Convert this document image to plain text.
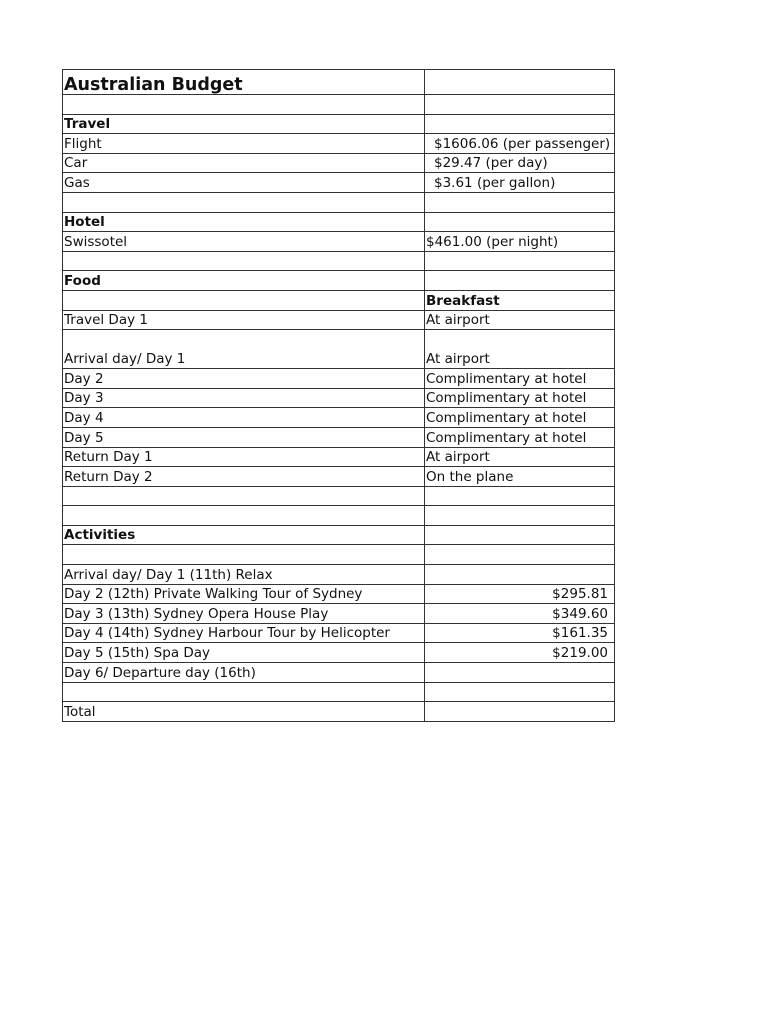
Australian Budget	

Travel	
Flight	$1606.06 (per passenger)
Car	$29.47 (per day)
Gas	$3.61 (per gallon)

Hotel	
Swissotel	$461.00 (per night)

Food	
	Breakfast
Travel Day 1	At airport
Arrival day/ Day 1	At airport
Day 2	Complimentary at hotel
Day 3	Complimentary at hotel
Day 4	Complimentary at hotel
Day 5	Complimentary at hotel
Return Day 1	At airport
Return Day 2	On the plane

Activities	

Arrival day/ Day 1 (11th) Relax	
Day 2 (12th) Private Walking Tour of Sydney	$295.81
Day 3 (13th) Sydney Opera House Play	$349.60
Day 4 (14th) Sydney Harbour Tour by Helicopter	$161.35
Day 5 (15th) Spa Day	$219.00
Day 6/ Departure day (16th)	

Total	
